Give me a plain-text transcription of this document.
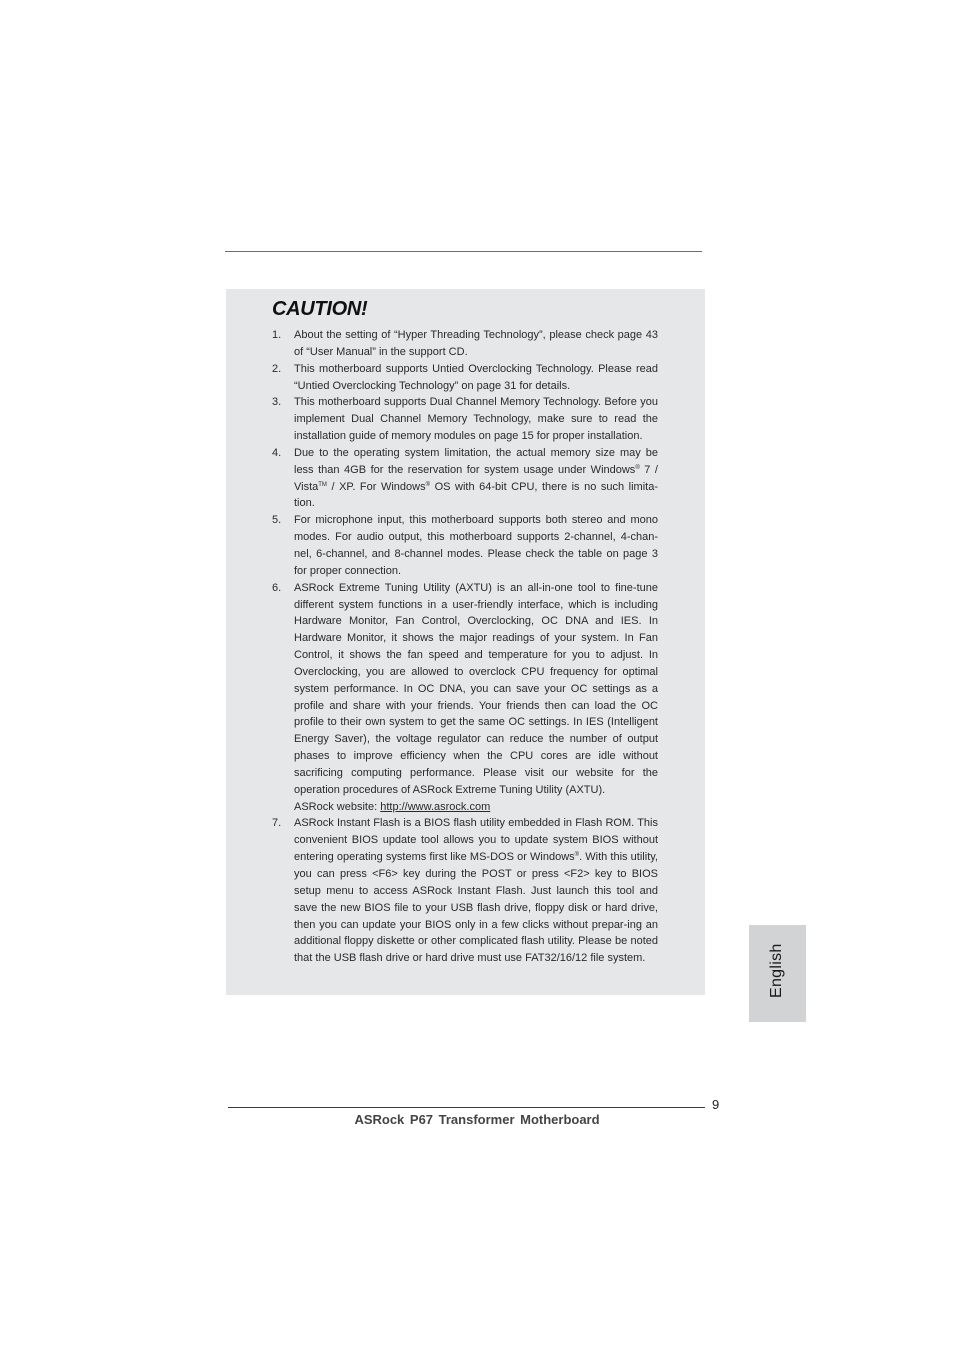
CAUTION!
1.	About the setting of “Hyper Threading Technology”, please check page 43 of “User Manual” in the support CD.

2.	This motherboard supports Untied Overclocking Technology. Please read “Untied Overclocking Technology” on page 31 for details.

3.	This motherboard supports Dual Channel Memory Technology. Before you implement Dual Channel Memory Technology, make sure to read the installation guide of memory modules on page 15 for proper installation.

4.	Due to the operating system limitation, the actual memory size may be less than 4GB for the reservation for system usage under Windows® 7 / Vista™ / XP. For Windows® OS with 64-bit CPU, there is no such limita-tion.

5.	For microphone input, this motherboard supports both stereo and mono modes. For audio output, this motherboard supports 2-channel, 4-chan-nel, 6-channel, and 8-channel modes. Please check the table on page 3 for proper connection.

6.	ASRock Extreme Tuning Utility (AXTU) is an all-in-one tool to fine-tune different system functions in a user-friendly interface, which is including Hardware Monitor, Fan Control, Overclocking, OC DNA and IES. In Hardware Monitor, it shows the major readings of your system. In Fan Control, it shows the fan speed and temperature for you to adjust. In Overclocking, you are allowed to overclock CPU frequency for optimal system performance. In OC DNA, you can save your OC settings as a profile and share with your friends. Your friends then can load the OC profile to their own system to get the same OC settings. In IES (Intelligent Energy Saver), the voltage regulator can reduce the number of output phases to improve efficiency when the CPU cores are idle without sacrificing computing performance. Please visit our website for the operation procedures of ASRock Extreme Tuning Utility (AXTU).

ASRock website: http://www.asrock.com

7.	ASRock Instant Flash is a BIOS flash utility embedded in Flash ROM. This convenient BIOS update tool allows you to update system BIOS without entering operating systems first like MS-DOS or Windows®. With this utility, you can press <F6> key during the POST or press <F2> key to BIOS setup menu to access ASRock Instant Flash. Just launch this tool and save the new BIOS file to your USB flash drive, floppy disk or hard drive, then you can update your BIOS only in a few clicks without prepar-ing an additional floppy diskette or other complicated flash utility. Please be noted that the USB flash drive or hard drive must use FAT32/16/12 file system.	English
9
ASRock P67 Transformer Motherboard
